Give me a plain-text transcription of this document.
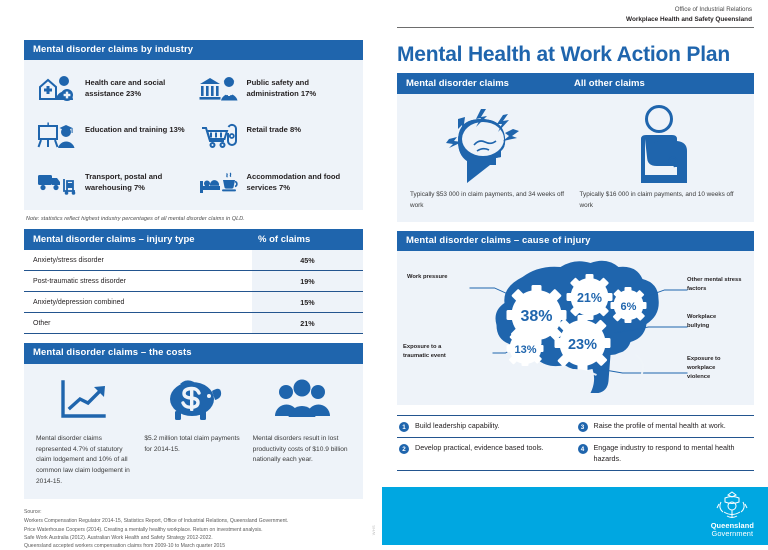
Mental disorder claims by industry
Health care and social assistance 23%
Public safety and administration 17%
Education and training 13%	Retail trade 8%
Transport, postal and warehousing 7%
Accommodation and food services 7%
Note: statistics reflect highest industry percentages of all mental disorder claims in QLD.
Mental disorder claims – injury type	% of claims
Anxiety/stress disorder	45%
Post-traumatic stress disorder	19%
Anxiety/depression combined	15%
Other	21%
Mental disorder claims – the costs
Mental disorder claims represented 4.7% of statutory claim lodgement and 10% of all common law claim lodgement in 2014-15.
$5.2 million total claim payments for 2014-15.
Mental disorders result in lost productivity costs of $10.9 billion nationally each year.
Source:
Workers Compensation Regulator 2014-15, Statistics Report, Office of Industrial Relations, Queensland Government.
Price Waterhouse Coopers (2014). Creating a mentally healthy workplace. Return on investment analysis.
Safe Work Australia (2012). Australian Work Health and Safety Strategy 2012-2022.
Queensland accepted workers compensation claims from 2009-10 to March quarter 2015
Office of Industrial Relations
Workplace Health and Safety Queensland
Mental Health at Work Action Plan
Mental disorder claims	All other claims
Typically $53 000 in claim payments, and 34 weeks off work
Typically $16 000 in claim payments, and 10 weeks off work
Mental disorder claims – cause of injury
38%
21%
6%
13% 23%
Work pressure	Other mental stress factors
Workplace bullying
Exposure to a traumatic event
Exposure to workplace violence
1	Build leadership capability.	3	Raise the profile of mental health at work.
2	Develop practical, evidence based tools.	4	Engage industry to respond to mental health hazards.
Queensland
Government
WHS
